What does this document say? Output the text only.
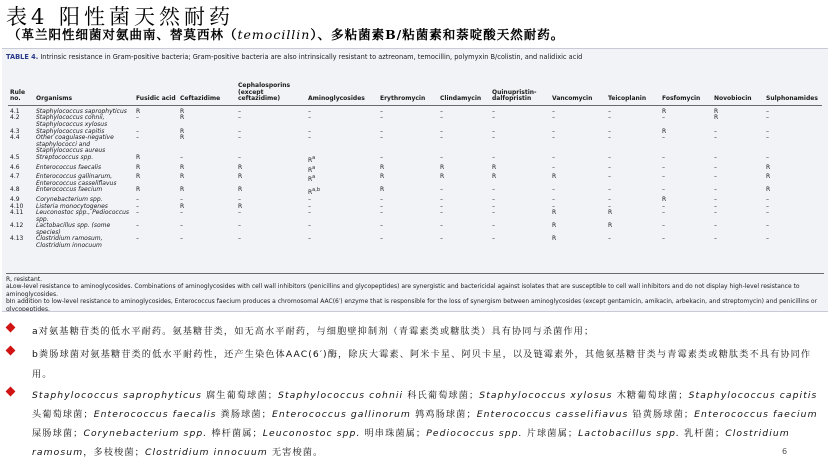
表4 阳性菌天然耐药
（革兰阳性细菌对氨曲南、替莫西林（temocillin）、多粘菌素B/粘菌素和萘啶酸天然耐药。
TABLE 4. Intrinsic resistance in Gram-positive bacteria; Gram-positive bacteria are also intrinsically resistant to aztreonam, temocillin, polymyxin B/colistin, and nalidixic acid
Rule no.	Organisms	Fusidic acid	Ceftazidime	Cephalosporins (except ceftazidime)	Aminoglycosides	Erythromycin	Clindamycin	Quinupristin-dalfopristin	Vancomycin	Teicoplanin	Fosfomycin	Novobiocin	Sulphonamides
4.1	Staphylococcus saprophyticus	R	R	–	–	–	–	–	–	–	R	R	–
4.2	Staphylococcus cohnii, Staphylococcus xylosus	–	R	–	–	–	–	–	–	–	–	R	–
4.3	Staphylococcus capitis	–	R	–	–	–	–	–	–	–	R	–	–
4.4	Other coagulase-negative staphylococci and Staphylococcus aureus	–	R	–	–	–	–	–	–	–	–	–	–
4.5	Streptococcus spp.	R	–	–	$R^a$	–	–	–	–	–	–	–	–
4.6	Enterococcus faecalis	R	R	R	$R^a$	R	R	R	–	–	–	–	R
4.7	Enterococcus gallinarum, Enterococcus casseliflavus	R	R	R	$R^a$	R	R	R	R	–	–	–	R
4.8	Enterococcus faecium	R	R	R	R$^{a,b}$	R	–	–	–	–	–	–	R
4.9	Corynebacterium spp.	–	–	–	–	–	–	–	–	–	R	–	–
4.10	Listeria monocytogenes	–	R	R	–	–	–	–	–	–	–	–	–
4.11	Leuconostoc spp., Pediococcus spp.	–	–	–	–	–	–	–	R	R	–	–	–
4.12	Lactobacillus spp. (some species)	–	–	–	–	–	–	–	R	R	–	–	–
4.13	Clostridium ramosum, Clostridium innocuum	–	–	–	–	–	–	–	R	–	–	–	–
R, resistant.
aLow-level resistance to aminoglycosides. Combinations of aminoglycosides with cell wall inhibitors (penicillins and glycopeptides) are synergistic and bactericidal against isolates that are susceptible to cell wall inhibitors and do not display high-level resistance to aminoglycosides.
bIn addition to low-level resistance to aminoglycosides, Enterococcus faecium produces a chromosomal AAC(6′) enzyme that is responsible for the loss of synergism between aminoglycosides (except gentamicin, amikacin, arbekacin, and streptomycin) and penicillins or glycopeptides.
a对氨基糖苷类的低水平耐药。氨基糖苷类，如无高水平耐药，与细胞壁抑制剂（青霉素类或糖肽类）具有协同与杀菌作用；
b粪肠球菌对氨基糖苷类的低水平耐药性，还产生染色体AAC(6′)酶，除庆大霉素、阿米卡星、阿贝卡星，以及链霉素外，其他氨基糖苷类与青霉素类或糖肽类不具有协同作用。
Staphylococcus saprophyticus 腐生葡萄球菌；Staphylococcus cohnii 科氏葡萄球菌；Staphylococcus xylosus 木糖葡萄球菌；Staphylococcus capitis 头葡萄球菌；Enterococcus faecalis 粪肠球菌；Enterococcus gallinorum 鹑鸡肠球菌；Enterococcus casselifiavus 铅黄肠球菌；Enterococcus faecium 屎肠球菌；Corynebacterium spp. 棒杆菌属；Leuconostoc spp. 明串珠菌属；Pediococcus spp. 片球菌属；Lactobacillus spp. 乳杆菌；Clostridium ramosum，多枝梭菌；Clostridium innocuum 无害梭菌。	6
